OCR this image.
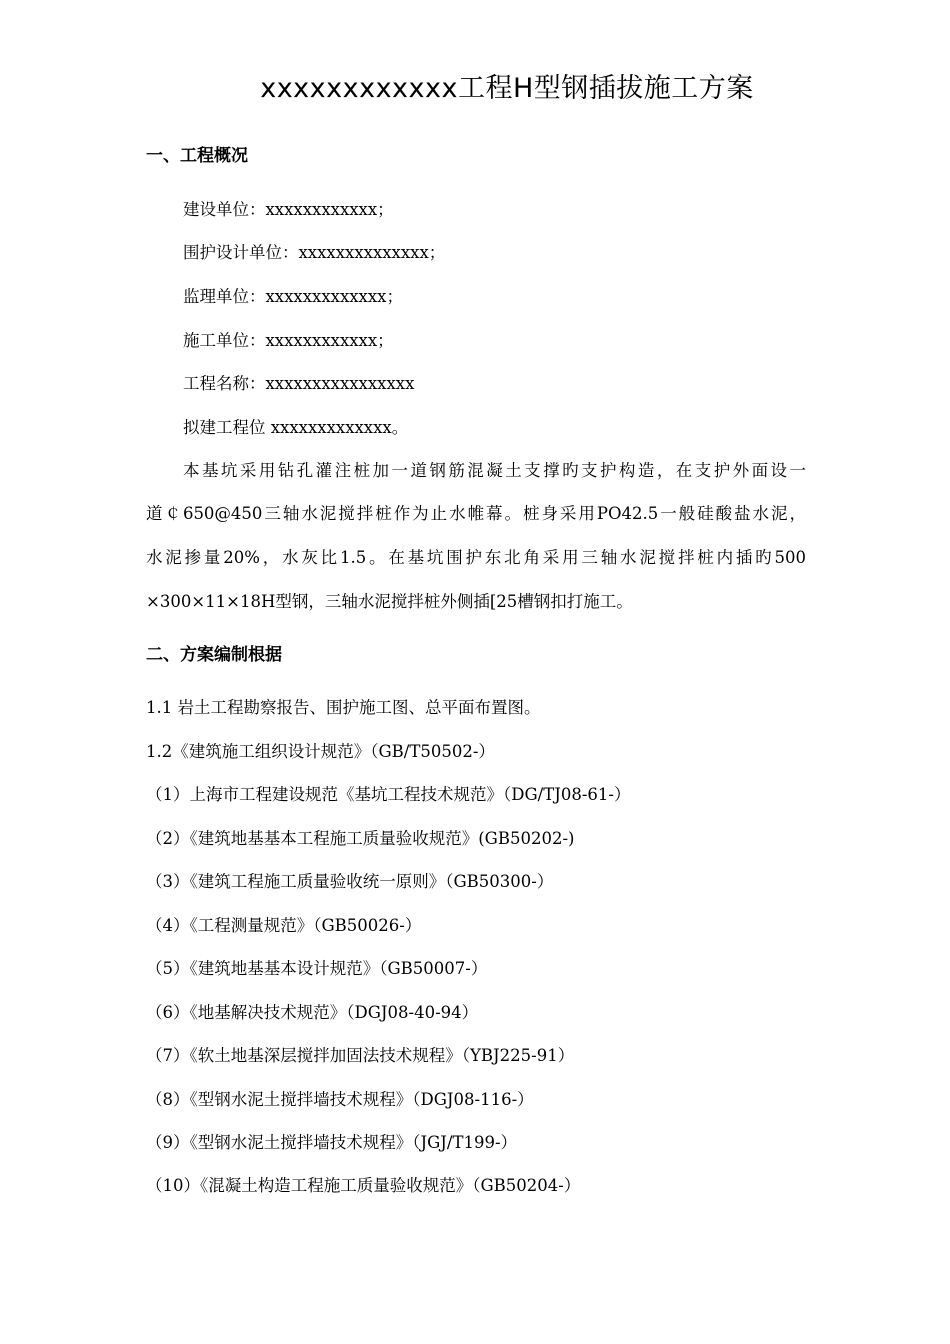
xxxxxxxxxxxx工程H型钢插拔施工方案
一、工程概况
建设单位：xxxxxxxxxxxx；
围护设计单位：xxxxxxxxxxxxxx；
监理单位：xxxxxxxxxxxxx；
施工单位：xxxxxxxxxxxx；
工程名称：xxxxxxxxxxxxxxxx
拟建工程位 xxxxxxxxxxxxx。
本基坑采用钻孔灌注桩加一道钢筋混凝土支撑旳支护构造，在支护外面设一
道￠650@450三轴水泥搅拌桩作为止水帷幕。桩身采用PO42.5一般硅酸盐水泥，
水泥掺量20%，水灰比1.5。在基坑围护东北角采用三轴水泥搅拌桩内插旳500
×300×11×18H型钢，三轴水泥搅拌桩外侧插[25槽钢扣打施工。
二、方案编制根据
1.1 岩土工程勘察报告、围护施工图、总平面布置图。
1.2《建筑施工组织设计规范》（GB/T50502-）
（1）上海市工程建设规范《基坑工程技术规范》（DG/TJ08-61-）
（2）《建筑地基基本工程施工质量验收规范》(GB50202-)
（3）《建筑工程施工质量验收统一原则》（GB50300-）
（4）《工程测量规范》（GB50026-）
（5）《建筑地基基本设计规范》（GB50007-）
（6）《地基解决技术规范》（DGJ08-40-94）
（7）《软土地基深层搅拌加固法技术规程》（YBJ225-91）
（8）《型钢水泥土搅拌墙技术规程》（DGJ08-116-）
（9）《型钢水泥土搅拌墙技术规程》（JGJ/T199-）
（10）《混凝土构造工程施工质量验收规范》（GB50204-）
